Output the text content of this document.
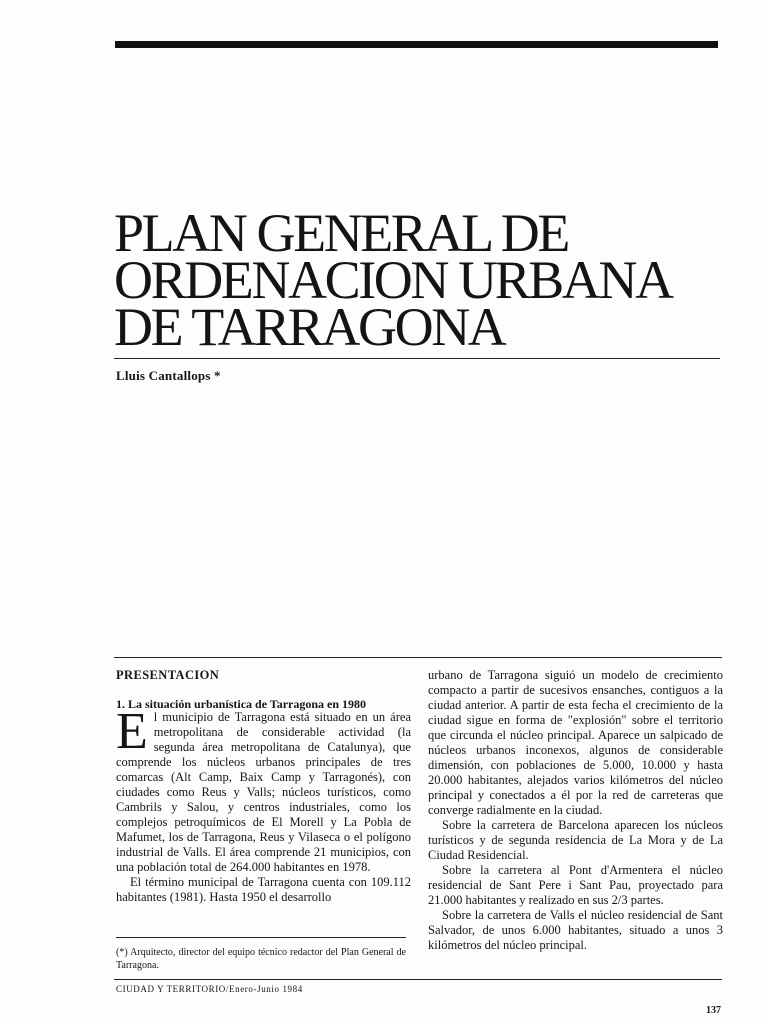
PLAN GENERAL DE
ORDENACION URBANA
DE TARRAGONA
Lluis Cantallops *
PRESENTACION
1. La situación urbanística de Tarragona en 1980

El municipio de Tarragona está situado en un área metropolitana de considerable actividad (la segunda área metropolitana de Catalunya), que comprende los núcleos urbanos principales de tres comarcas (Alt Camp, Baix Camp y Tarragonés), con ciudades como Reus y Valls; núcleos turísticos, como Cambrils y Salou, y centros industriales, como los complejos petroquímicos de El Morell y La Pobla de Mafumet, los de Tarragona, Reus y Vilaseca o el polígono industrial de Valls. El área comprende 21 municipios, con una población total de 264.000 habitantes en 1978.

El término municipal de Tarragona cuenta con 109.112 habitantes (1981). Hasta 1950 el desarrollo

urbano de Tarragona siguió un modelo de crecimiento compacto a partir de sucesivos ensanches, contiguos a la ciudad anterior. A partir de esta fecha el crecimiento de la ciudad sigue en forma de "explosión" sobre el territorio que circunda el núcleo principal. Aparece un salpicado de núcleos urbanos inconexos, algunos de considerable dimensión, con poblaciones de 5.000, 10.000 y hasta 20.000 habitantes, alejados varios kilómetros del núcleo principal y conectados a él por la red de carreteras que converge radialmente en la ciudad.

Sobre la carretera de Barcelona aparecen los núcleos turísticos y de segunda residencia de La Mora y de La Ciudad Residencial.

Sobre la carretera al Pont d'Armentera el núcleo residencial de Sant Pere i Sant Pau, proyectado para 21.000 habitantes y realizado en sus 2/3 partes.

Sobre la carretera de Valls el núcleo residencial de Sant Salvador, de unos 6.000 habitantes, situado a unos 3 kilómetros del núcleo principal.

(*) Arquitecto, director del equipo técnico redactor del Plan General de Tarragona.
CIUDAD Y TERRITORIO/Enero-Junio 1984
137
